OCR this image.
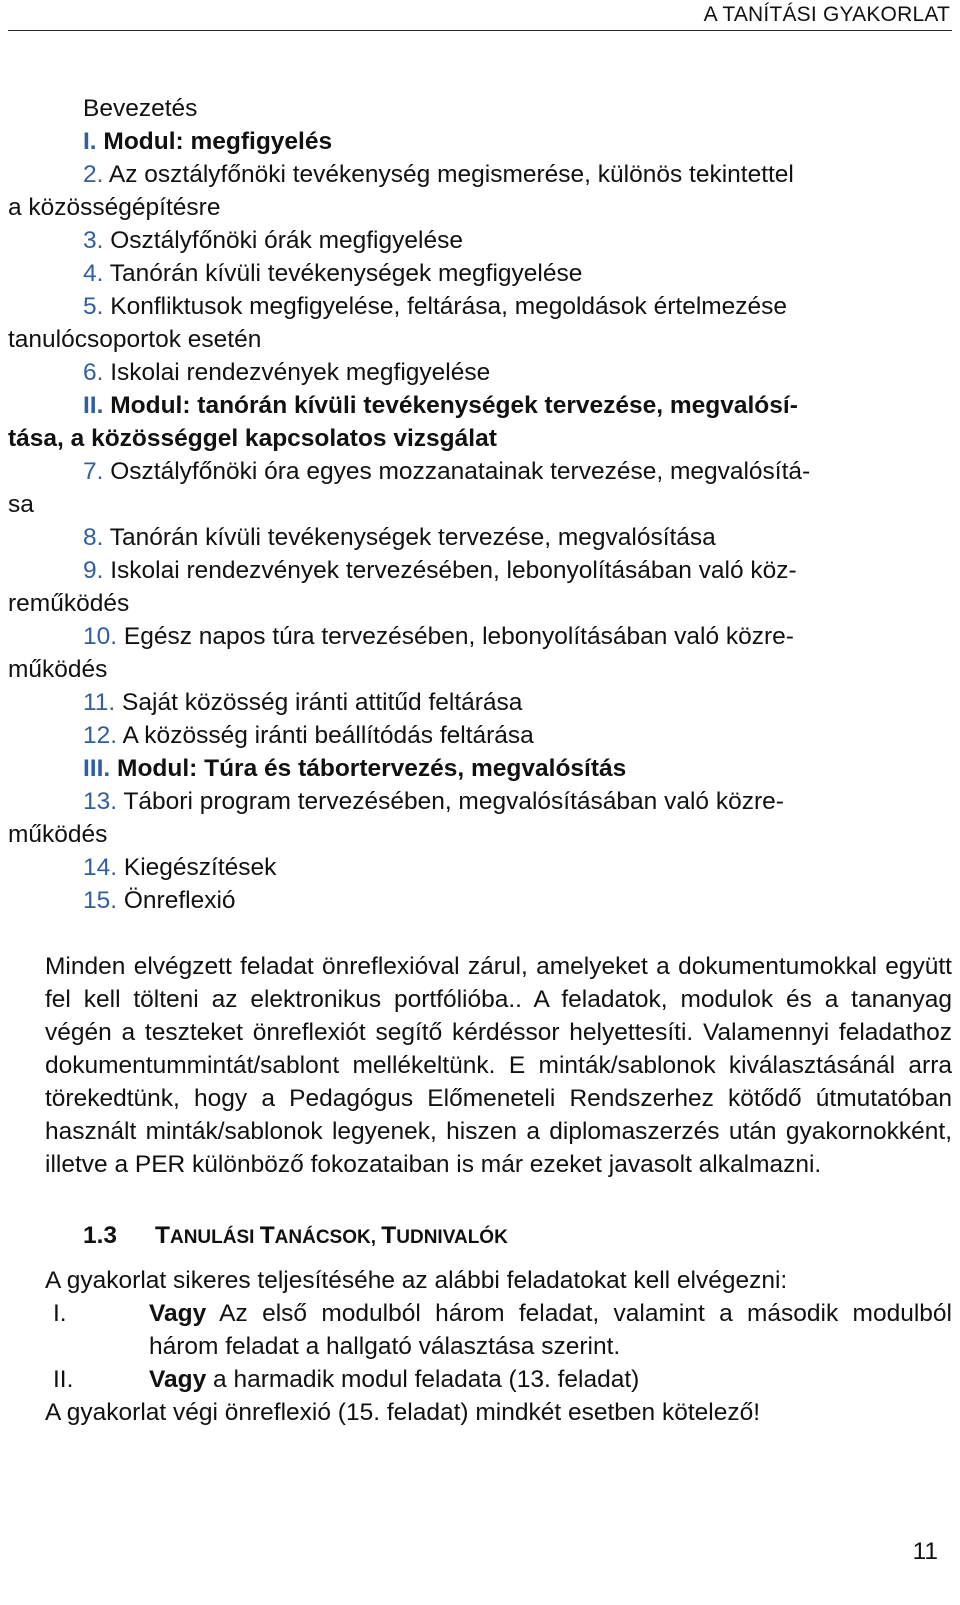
A TANÍTÁSI GYAKORLAT

Bevezetés

I. Modul: megfigyelés

2. Az osztályfőnöki tevékenység megismerése, különös tekintettel

a közösségépítésre

3. Osztályfőnöki órák megfigyelése

4. Tanórán kívüli tevékenységek megfigyelése

5. Konfliktusok megfigyelése, feltárása, megoldások értelmezése

tanulócsoportok esetén

6. Iskolai rendezvények megfigyelése

II. Modul: tanórán kívüli tevékenységek tervezése, megvalósí-

tása, a közösséggel kapcsolatos vizsgálat

7. Osztályfőnöki óra egyes mozzanatainak tervezése, megvalósítá-

sa

8. Tanórán kívüli tevékenységek tervezése, megvalósítása

9. Iskolai rendezvények tervezésében, lebonyolításában való köz-

reműködés

10. Egész napos túra tervezésében, lebonyolításában való közre-

működés

11. Saját közösség iránti attitűd feltárása

12. A közösség iránti beállítódás feltárása

III. Modul: Túra és tábortervezés, megvalósítás

13. Tábori program tervezésében, megvalósításában való közre-

működés

14. Kiegészítések

15. Önreflexió

Minden elvégzett feladat önreflexióval zárul, amelyeket a dokumentumokkal együtt fel kell tölteni az elektronikus portfólióba.. A feladatok, modulok és a tananyag végén a teszteket önreflexiót segítő kérdéssor helyettesíti. Valamennyi feladathoz dokumentummintát/sablont mellékeltünk. E minták/sablonok kiválasztásánál arra törekedtünk, hogy a Pedagógus Előmeneteli Rendszerhez kötődő útmutatóban használt minták/sablonok legyenek, hiszen a diplomaszerzés után gyakornokként, illetve a PER különböző fokozataiban is már ezeket javasolt alkalmazni.

1.3 TANULÁSI TANÁCSOK, TUDNIVALÓK

A gyakorlat sikeres teljesítéséhe az alábbi feladatokat kell elvégezni:

I.	Vagy Az első modulból három feladat, valamint a második modulból három feladat a hallgató választása szerint.
II.	Vagy a harmadik modul feladata (13. feladat)

A gyakorlat végi önreflexió (15. feladat) mindkét esetben kötelező!

11
